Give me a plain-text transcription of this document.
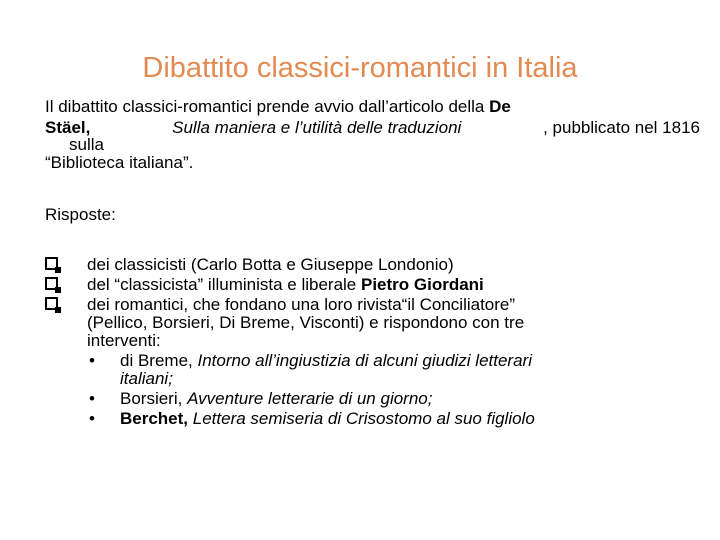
Dibattito classici-romantici in Italia
Il dibattito classici-romantici prende avvio dall’articolo della De
Stäel,	Sulla maniera e l’utilità delle traduzioni	, pubblicato nel 1816
sulla
“Biblioteca italiana”.
Risposte:
dei classicisti (Carlo Botta e Giuseppe Londonio)
del “classicista” illuminista e liberale Pietro Giordani
dei romantici, che fondano una loro rivista“il Conciliatore”
(Pellico, Borsieri, Di Breme, Visconti) e rispondono con tre
interventi:
• di Breme, Intorno all’ingiustizia di alcuni giudizi letterari
italiani;
• Borsieri, Avventure letterarie di un giorno;
• Berchet, Lettera semiseria di Crisostomo al suo figliolo
